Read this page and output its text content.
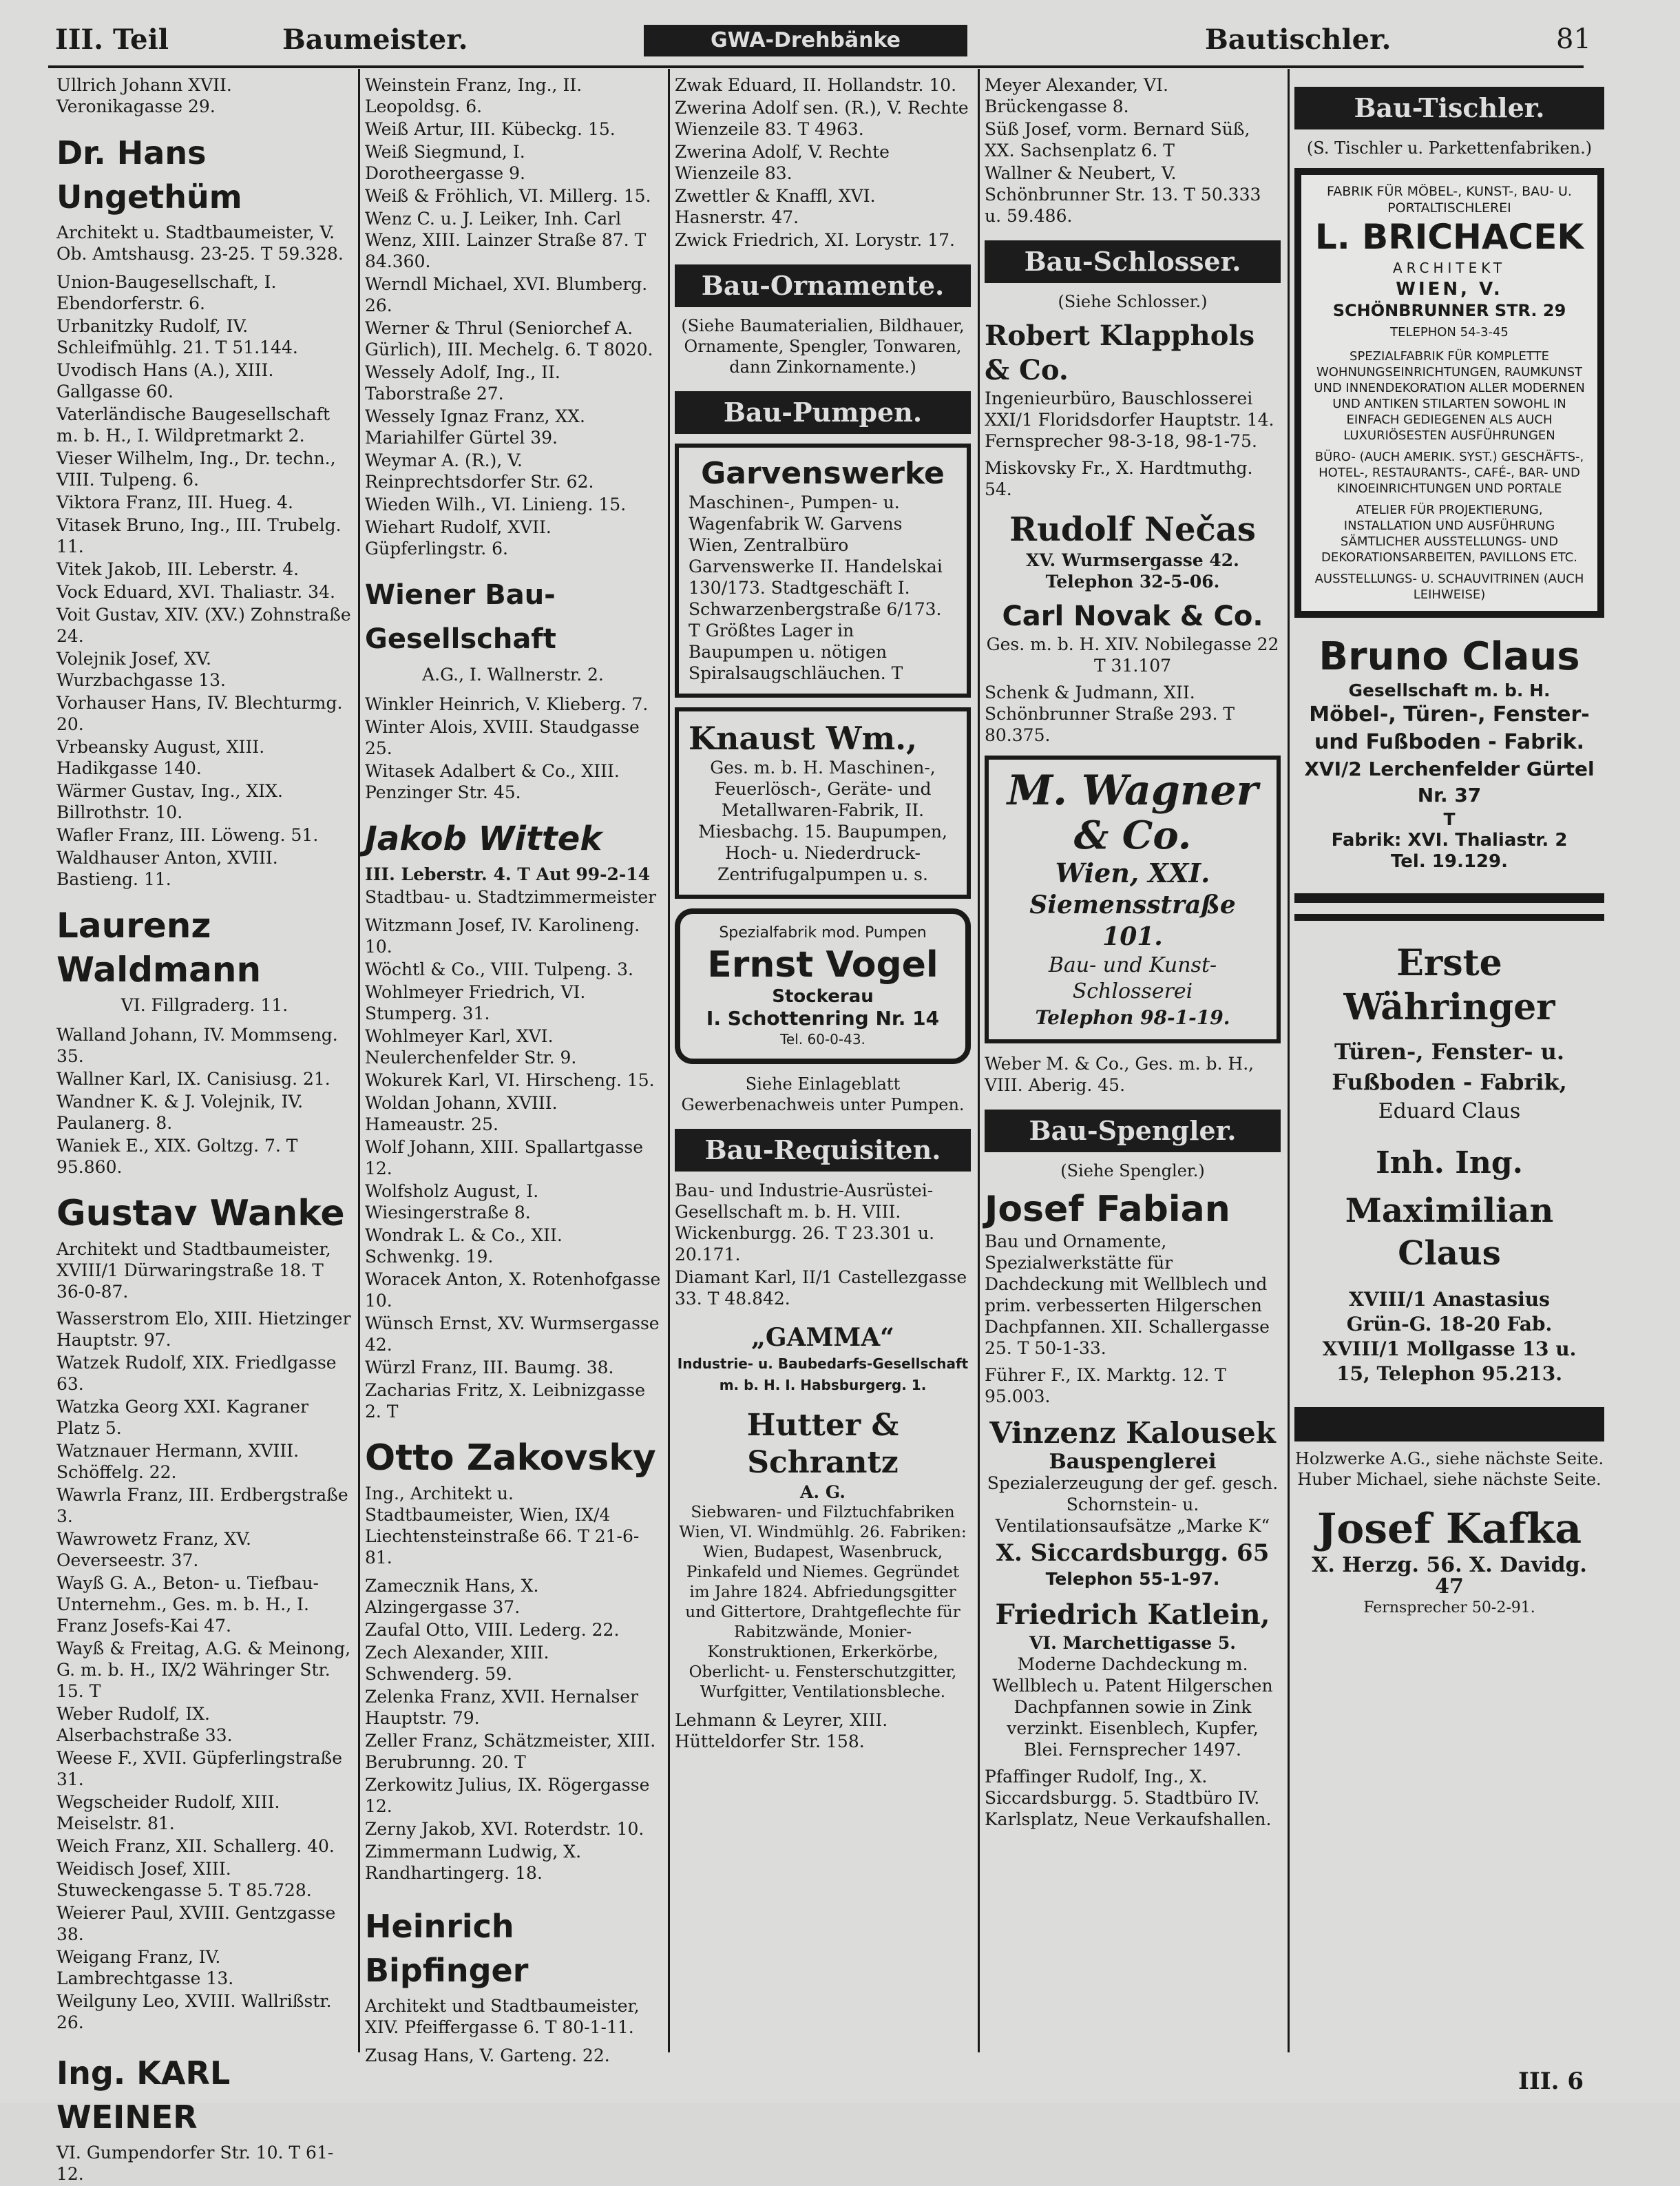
III. Teil	Baumeister.	GWA-Drehbänke	Bautischler.	81
Ullrich Johann XVII. Veronikagasse 29.
Dr. Hans Ungethüm
Architekt u. Stadtbaumeister, V. Ob. Amtshausg. 23-25. T 59.328.
Union-Baugesellschaft, I. Ebendorferstr. 6.
Urbanitzky Rudolf, IV. Schleifmühlg. 21. T 51.144.
Uvodisch Hans (A.), XIII. Gallgasse 60.
Vaterländische Baugesellschaft m. b. H., I. Wildpretmarkt 2.
Vieser Wilhelm, Ing., Dr. techn., VIII. Tulpeng. 6.
Viktora Franz, III. Hueg. 4.
Vitasek Bruno, Ing., III. Trubelg. 11.
Vitek Jakob, III. Leberstr. 4.
Vock Eduard, XVI. Thaliastr. 34.
Voit Gustav, XIV. (XV.) Zohnstraße 24.
Volejnik Josef, XV. Wurzbachgasse 13.
Vorhauser Hans, IV. Blechturmg. 20.
Vrbeansky August, XIII. Hadikgasse 140.
Wärmer Gustav, Ing., XIX. Billrothstr. 10.
Wafler Franz, III. Löweng. 51.
Waldhauser Anton, XVIII. Bastieng. 11.
Laurenz Waldmann
VI. Fillgraderg. 11.
Walland Johann, IV. Mommseng. 35.
Wallner Karl, IX. Canisiusg. 21.
Wandner K. & J. Volejnik, IV. Paulanerg. 8.
Waniek E., XIX. Goltzg. 7. T 95.860.
Gustav Wanke
Architekt und Stadtbaumeister, XVIII/1 Dürwaringstraße 18. T 36-0-87.
Wasserstrom Elo, XIII. Hietzinger Hauptstr. 97.
Watzek Rudolf, XIX. Friedlgasse 63.
Watzka Georg XXI. Kagraner Platz 5.
Watznauer Hermann, XVIII. Schöffelg. 22.
Wawrla Franz, III. Erdbergstraße 3.
Wawrowetz Franz, XV. Oeverseestr. 37.
Wayß G. A., Beton- u. Tiefbau-Unternehm., Ges. m. b. H., I. Franz Josefs-Kai 47.
Wayß & Freitag, A.G. & Meinong, G. m. b. H., IX/2 Währinger Str. 15. T
Weber Rudolf, IX. Alserbachstraße 33.
Weese F., XVII. Güpferlingstraße 31.
Wegscheider Rudolf, XIII. Meiselstr. 81.
Weich Franz, XII. Schallerg. 40.
Weidisch Josef, XIII. Stuweckengasse 5. T 85.728.
Weierer Paul, XVIII. Gentzgasse 38.
Weigang Franz, IV. Lambrechtgasse 13.
Weilguny Leo, XVIII. Wallrißstr. 26.
Ing. KARL WEINER
VI. Gumpendorfer Str. 10. T 61-12.
Weinstein Franz, Ing., II. Leopoldsg. 6.
Weiß Artur, III. Kübeckg. 15.
Weiß Siegmund, I. Dorotheergasse 9.
Weiß & Fröhlich, VI. Millerg. 15.
Wenz C. u. J. Leiker, Inh. Carl Wenz, XIII. Lainzer Straße 87. T 84.360.
Werndl Michael, XVI. Blumberg. 26.
Werner & Thrul (Seniorchef A. Gürlich), III. Mechelg. 6. T 8020.
Wessely Adolf, Ing., II. Taborstraße 27.
Wessely Ignaz Franz, XX. Mariahilfer Gürtel 39.
Weymar A. (R.), V. Reinprechtsdorfer Str. 62.
Wieden Wilh., VI. Linieng. 15.
Wiehart Rudolf, XVII. Güpferlingstr. 6.
Wiener Bau-Gesellschaft
A.G., I. Wallnerstr. 2.
Winkler Heinrich, V. Klieberg. 7.
Winter Alois, XVIII. Staudgasse 25.
Witasek Adalbert & Co., XIII. Penzinger Str. 45.
Jakob Wittek
III. Leberstr. 4. T Aut 99-2-14
Stadtbau- u. Stadtzimmermeister
Witzmann Josef, IV. Karolineng. 10.
Wöchtl & Co., VIII. Tulpeng. 3.
Wohlmeyer Friedrich, VI. Stumperg. 31.
Wohlmeyer Karl, XVI. Neulerchenfelder Str. 9.
Wokurek Karl, VI. Hirscheng. 15.
Woldan Johann, XVIII. Hameaustr. 25.
Wolf Johann, XIII. Spallartgasse 12.
Wolfsholz August, I. Wiesingerstraße 8.
Wondrak L. & Co., XII. Schwenkg. 19.
Woracek Anton, X. Rotenhofgasse 10.
Wünsch Ernst, XV. Wurmsergasse 42.
Würzl Franz, III. Baumg. 38.
Zacharias Fritz, X. Leibnizgasse 2. T
Otto Zakovsky
Ing., Architekt u. Stadtbaumeister, Wien, IX/4 Liechtensteinstraße 66. T 21-6-81.
Zamecznik Hans, X. Alzingergasse 37.
Zaufal Otto, VIII. Lederg. 22.
Zech Alexander, XIII. Schwenderg. 59.
Zelenka Franz, XVII. Hernalser Hauptstr. 79.
Zeller Franz, Schätzmeister, XIII. Berubrunng. 20. T
Zerkowitz Julius, IX. Rögergasse 12.
Zerny Jakob, XVI. Roterdstr. 10.
Zimmermann Ludwig, X. Randhartingerg. 18.
Heinrich Bipfinger
Architekt und Stadtbaumeister, XIV. Pfeiffergasse 6. T 80-1-11.
Zusag Hans, V. Garteng. 22.
Zwak Eduard, II. Hollandstr. 10.
Zwerina Adolf sen. (R.), V. Rechte Wienzeile 83. T 4963.
Zwerina Adolf, V. Rechte Wienzeile 83.
Zwettler & Knaffl, XVI. Hasnerstr. 47.
Zwick Friedrich, XI. Lorystr. 17.
Bau-Ornamente.
(Siehe Baumaterialien, Bildhauer, Ornamente, Spengler, Tonwaren, dann Zinkornamente.)
Bau-Pumpen.
Garvenswerke
Maschinen-, Pumpen- u. Wagenfabrik W. Garvens Wien, Zentralbüro Garvenswerke II. Handelskai 130/173. Stadtgeschäft I. Schwarzenbergstraße 6/173. T Größtes Lager in Baupumpen u. nötigen Spiralsaugschläuchen. T
Knaust Wm.,
Ges. m. b. H. Maschinen-, Feuerlösch-, Geräte- und Metallwaren-Fabrik, II. Miesbachg. 15. Baupumpen, Hoch- u. Niederdruck-Zentrifugalpumpen u. s.
Spezialfabrik mod. Pumpen
Ernst Vogel
Stockerau
I. Schottenring Nr. 14
Tel. 60-0-43.
Siehe Einlageblatt Gewerbenachweis unter Pumpen.
Bau-Requisiten.
Bau- und Industrie-Ausrüstei-Gesellschaft m. b. H. VIII. Wickenburgg. 26. T 23.301 u. 20.171.
Diamant Karl, II/1 Castellezgasse 33. T 48.842.
„GAMMA“
Industrie- u. Baubedarfs-Gesellschaft m. b. H. I. Habsburgerg. 1.
Hutter & Schrantz
A. G.
Siebwaren- und Filztuchfabriken Wien, VI. Windmühlg. 26. Fabriken: Wien, Budapest, Wasenbruck, Pinkafeld und Niemes. Gegründet im Jahre 1824. Abfriedungsgitter und Gittertore, Drahtgeflechte für Rabitzwände, Monier-Konstruktionen, Erkerkörbe, Oberlicht- u. Fensterschutzgitter, Wurfgitter, Ventilationsbleche.
Lehmann & Leyrer, XIII. Hütteldorfer Str. 158.
Meyer Alexander, VI. Brückengasse 8.
Süß Josef, vorm. Bernard Süß, XX. Sachsenplatz 6. T
Wallner & Neubert, V. Schönbrunner Str. 13. T 50.333 u. 59.486.
Bau-Schlosser.
(Siehe Schlosser.)
Robert Klapphols & Co.
Ingenieurbüro, Bauschlosserei XXI/1 Floridsdorfer Hauptstr. 14. Fernsprecher 98-3-18, 98-1-75.
Miskovsky Fr., X. Hardtmuthg. 54.
Rudolf Nečas
XV. Wurmsergasse 42. Telephon 32-5-06.
Carl Novak & Co.
Ges. m. b. H. XIV. Nobilegasse 22 T 31.107
Schenk & Judmann, XII. Schönbrunner Straße 293. T 80.375.
M. Wagner
& Co.
Wien, XXI.
Siemensstraße 101.
Bau- und Kunst-Schlosserei
Telephon 98-1-19.
Weber M. & Co., Ges. m. b. H., VIII. Aberig. 45.
Bau-Spengler.
(Siehe Spengler.)
Josef Fabian
Bau und Ornamente, Spezialwerkstätte für Dachdeckung mit Wellblech und prim. verbesserten Hilgerschen Dachpfannen. XII. Schallergasse 25. T 50-1-33.
Führer F., IX. Marktg. 12. T 95.003.
Vinzenz Kalousek
Bauspenglerei
Spezialerzeugung der gef. gesch. Schornstein- u. Ventilationsaufsätze „Marke K“
X. Siccardsburgg. 65
Telephon 55-1-97.
Friedrich Katlein,
VI. Marchettigasse 5.
Moderne Dachdeckung m. Wellblech u. Patent Hilgerschen Dachpfannen sowie in Zink verzinkt. Eisenblech, Kupfer, Blei. Fernsprecher 1497.
Pfaffinger Rudolf, Ing., X. Siccardsburgg. 5. Stadtbüro IV. Karlsplatz, Neue Verkaufshallen.
Bau-Tischler.
(S. Tischler u. Parkettenfabriken.)
FABRIK FÜR MÖBEL-, KUNST-, BAU- U. PORTALTISCHLEREI
L. BRICHACEK
ARCHITEKT
WIEN, V.
SCHÖNBRUNNER STR. 29
TELEPHON 54-3-45
SPEZIALFABRIK FÜR KOMPLETTE WOHNUNGSEINRICHTUNGEN, RAUMKUNST UND INNENDEKORATION ALLER MODERNEN UND ANTIKEN STILARTEN SOWOHL IN EINFACH GEDIEGENEN ALS AUCH LUXURIÖSESTEN AUSFÜHRUNGEN
BÜRO- (AUCH AMERIK. SYST.) GESCHÄFTS-, HOTEL-, RESTAURANTS-, CAFÉ-, BAR- UND KINOEINRICHTUNGEN UND PORTALE
ATELIER FÜR PROJEKTIERUNG, INSTALLATION UND AUSFÜHRUNG SÄMTLICHER AUSSTELLUNGS- UND DEKORATIONSARBEITEN, PAVILLONS ETC.
AUSSTELLUNGS- U. SCHAUVITRINEN (AUCH LEIHWEISE)
Bruno Claus
Gesellschaft m. b. H.
Möbel-, Türen-, Fenster- und Fußboden - Fabrik.
XVI/2 Lerchenfelder Gürtel Nr. 37
T
Fabrik: XVI. Thaliastr. 2
Tel. 19.129.
Erste Währinger
Türen-, Fenster- u.
Fußboden - Fabrik,
Eduard Claus
Inh. Ing.
Maximilian Claus
XVIII/1 Anastasius Grün-G. 18-20 Fab. XVIII/1 Mollgasse 13 u. 15, Telephon 95.213.
Holzwerke A.G., siehe nächste Seite. Huber Michael, siehe nächste Seite.
Josef Kafka
X. Herzg. 56. X. Davidg. 47
Fernsprecher 50-2-91.
III. 6
